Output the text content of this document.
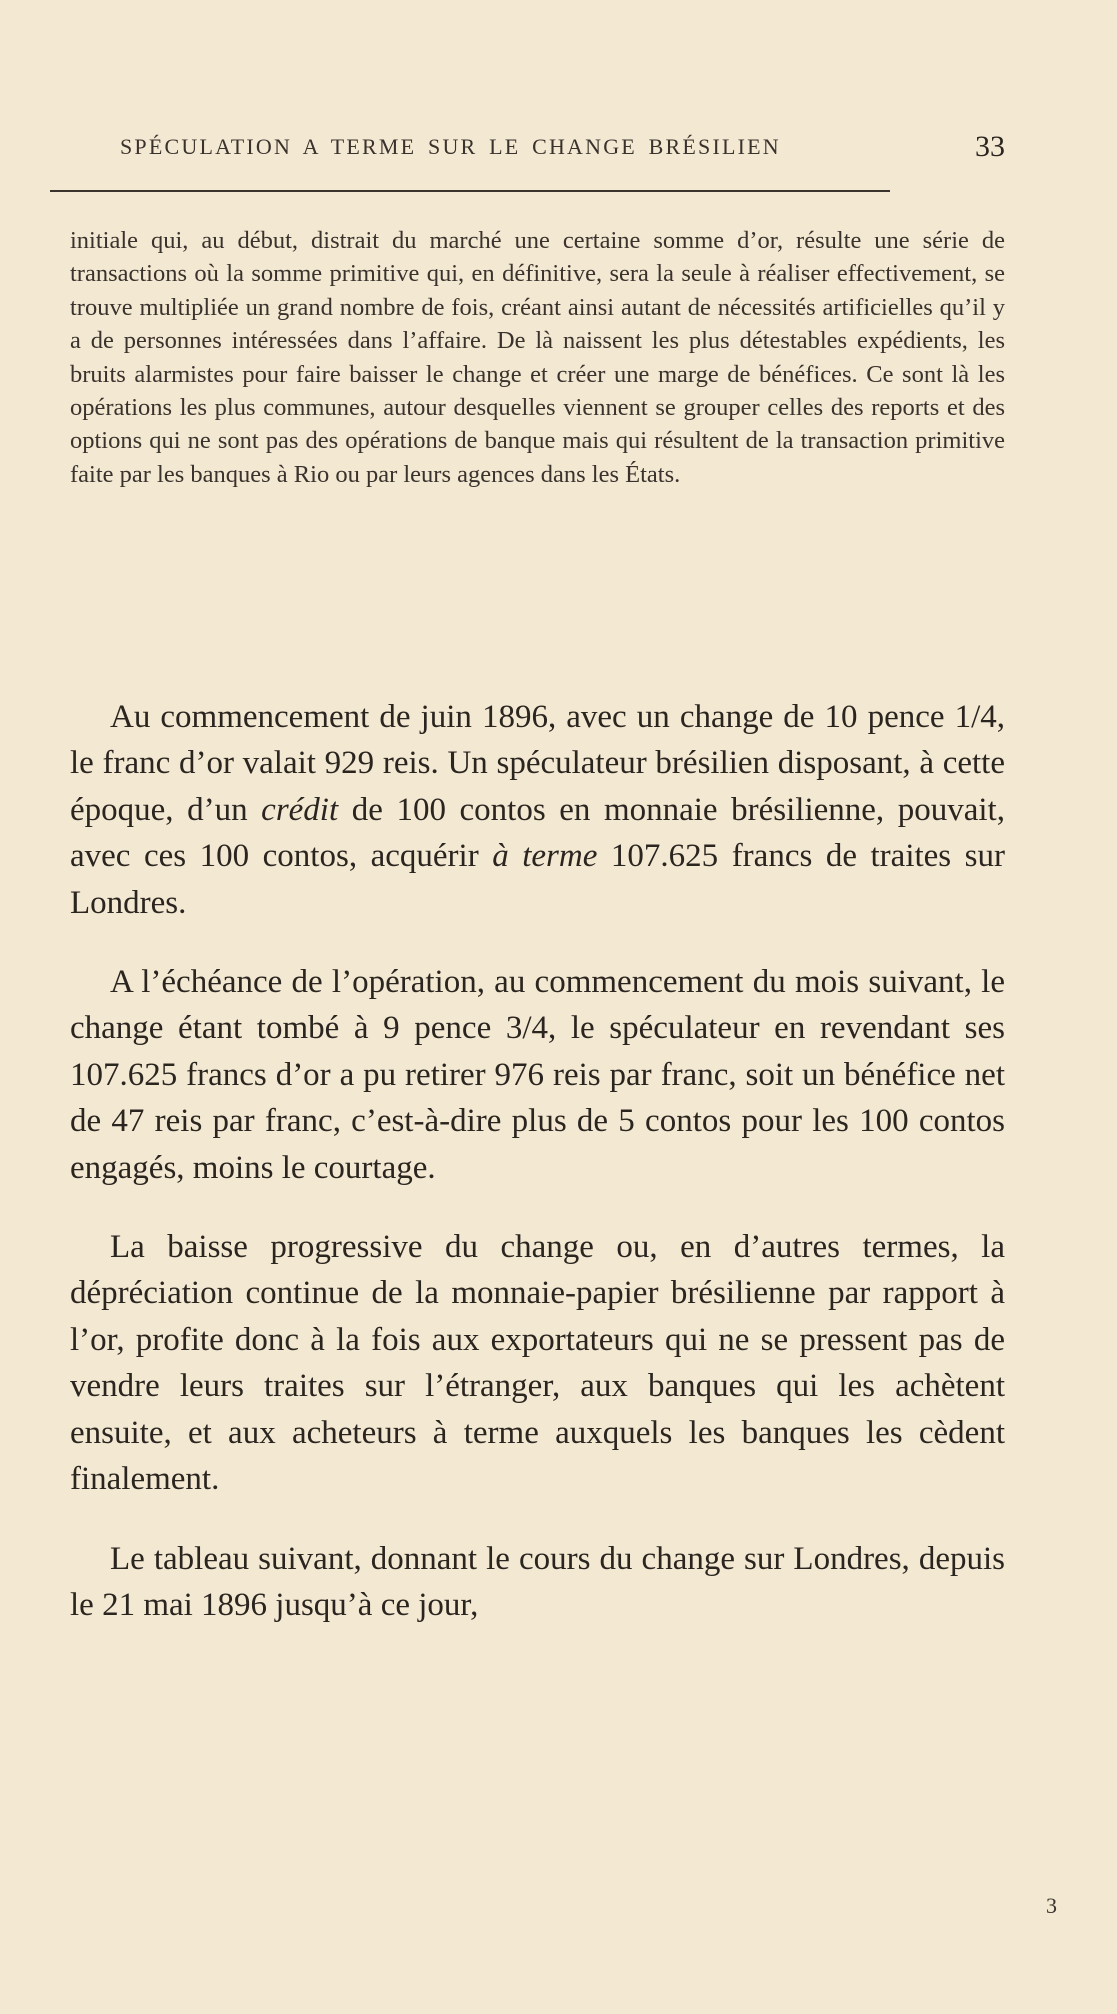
SPÉCULATION A TERME SUR LE CHANGE BRÉSILIEN	33

initiale qui, au début, distrait du marché une certaine somme d’or, résulte une série de transactions où la somme primitive qui, en définitive, sera la seule à réaliser effectivement, se trouve multipliée un grand nombre de fois, créant ainsi autant de nécessités artificielles qu’il y a de personnes intéressées dans l’affaire. De là naissent les plus détestables expédients, les bruits alarmistes pour faire baisser le change et créer une marge de bénéfices. Ce sont là les opérations les plus communes, autour desquelles viennent se grouper celles des reports et des options qui ne sont pas des opérations de banque mais qui résultent de la transaction primitive faite par les banques à Rio ou par leurs agences dans les États.

Au commencement de juin 1896, avec un change de 10 pence 1/4, le franc d’or valait 929 reis. Un spéculateur brésilien disposant, à cette époque, d’un crédit de 100 contos en monnaie brésilienne, pouvait, avec ces 100 contos, acquérir à terme 107.625 francs de traites sur Londres.

A l’échéance de l’opération, au commencement du mois suivant, le change étant tombé à 9 pence 3/4, le spéculateur en revendant ses 107.625 francs d’or a pu retirer 976 reis par franc, soit un bénéfice net de 47 reis par franc, c’est-à-dire plus de 5 contos pour les 100 contos engagés, moins le courtage.

La baisse progressive du change ou, en d’autres termes, la dépréciation continue de la monnaie-papier brésilienne par rapport à l’or, profite donc à la fois aux exportateurs qui ne se pressent pas de vendre leurs traites sur l’étranger, aux banques qui les achètent ensuite, et aux acheteurs à terme auxquels les banques les cèdent finalement.

Le tableau suivant, donnant le cours du change sur Londres, depuis le 21 mai 1896 jusqu’à ce jour,

3
